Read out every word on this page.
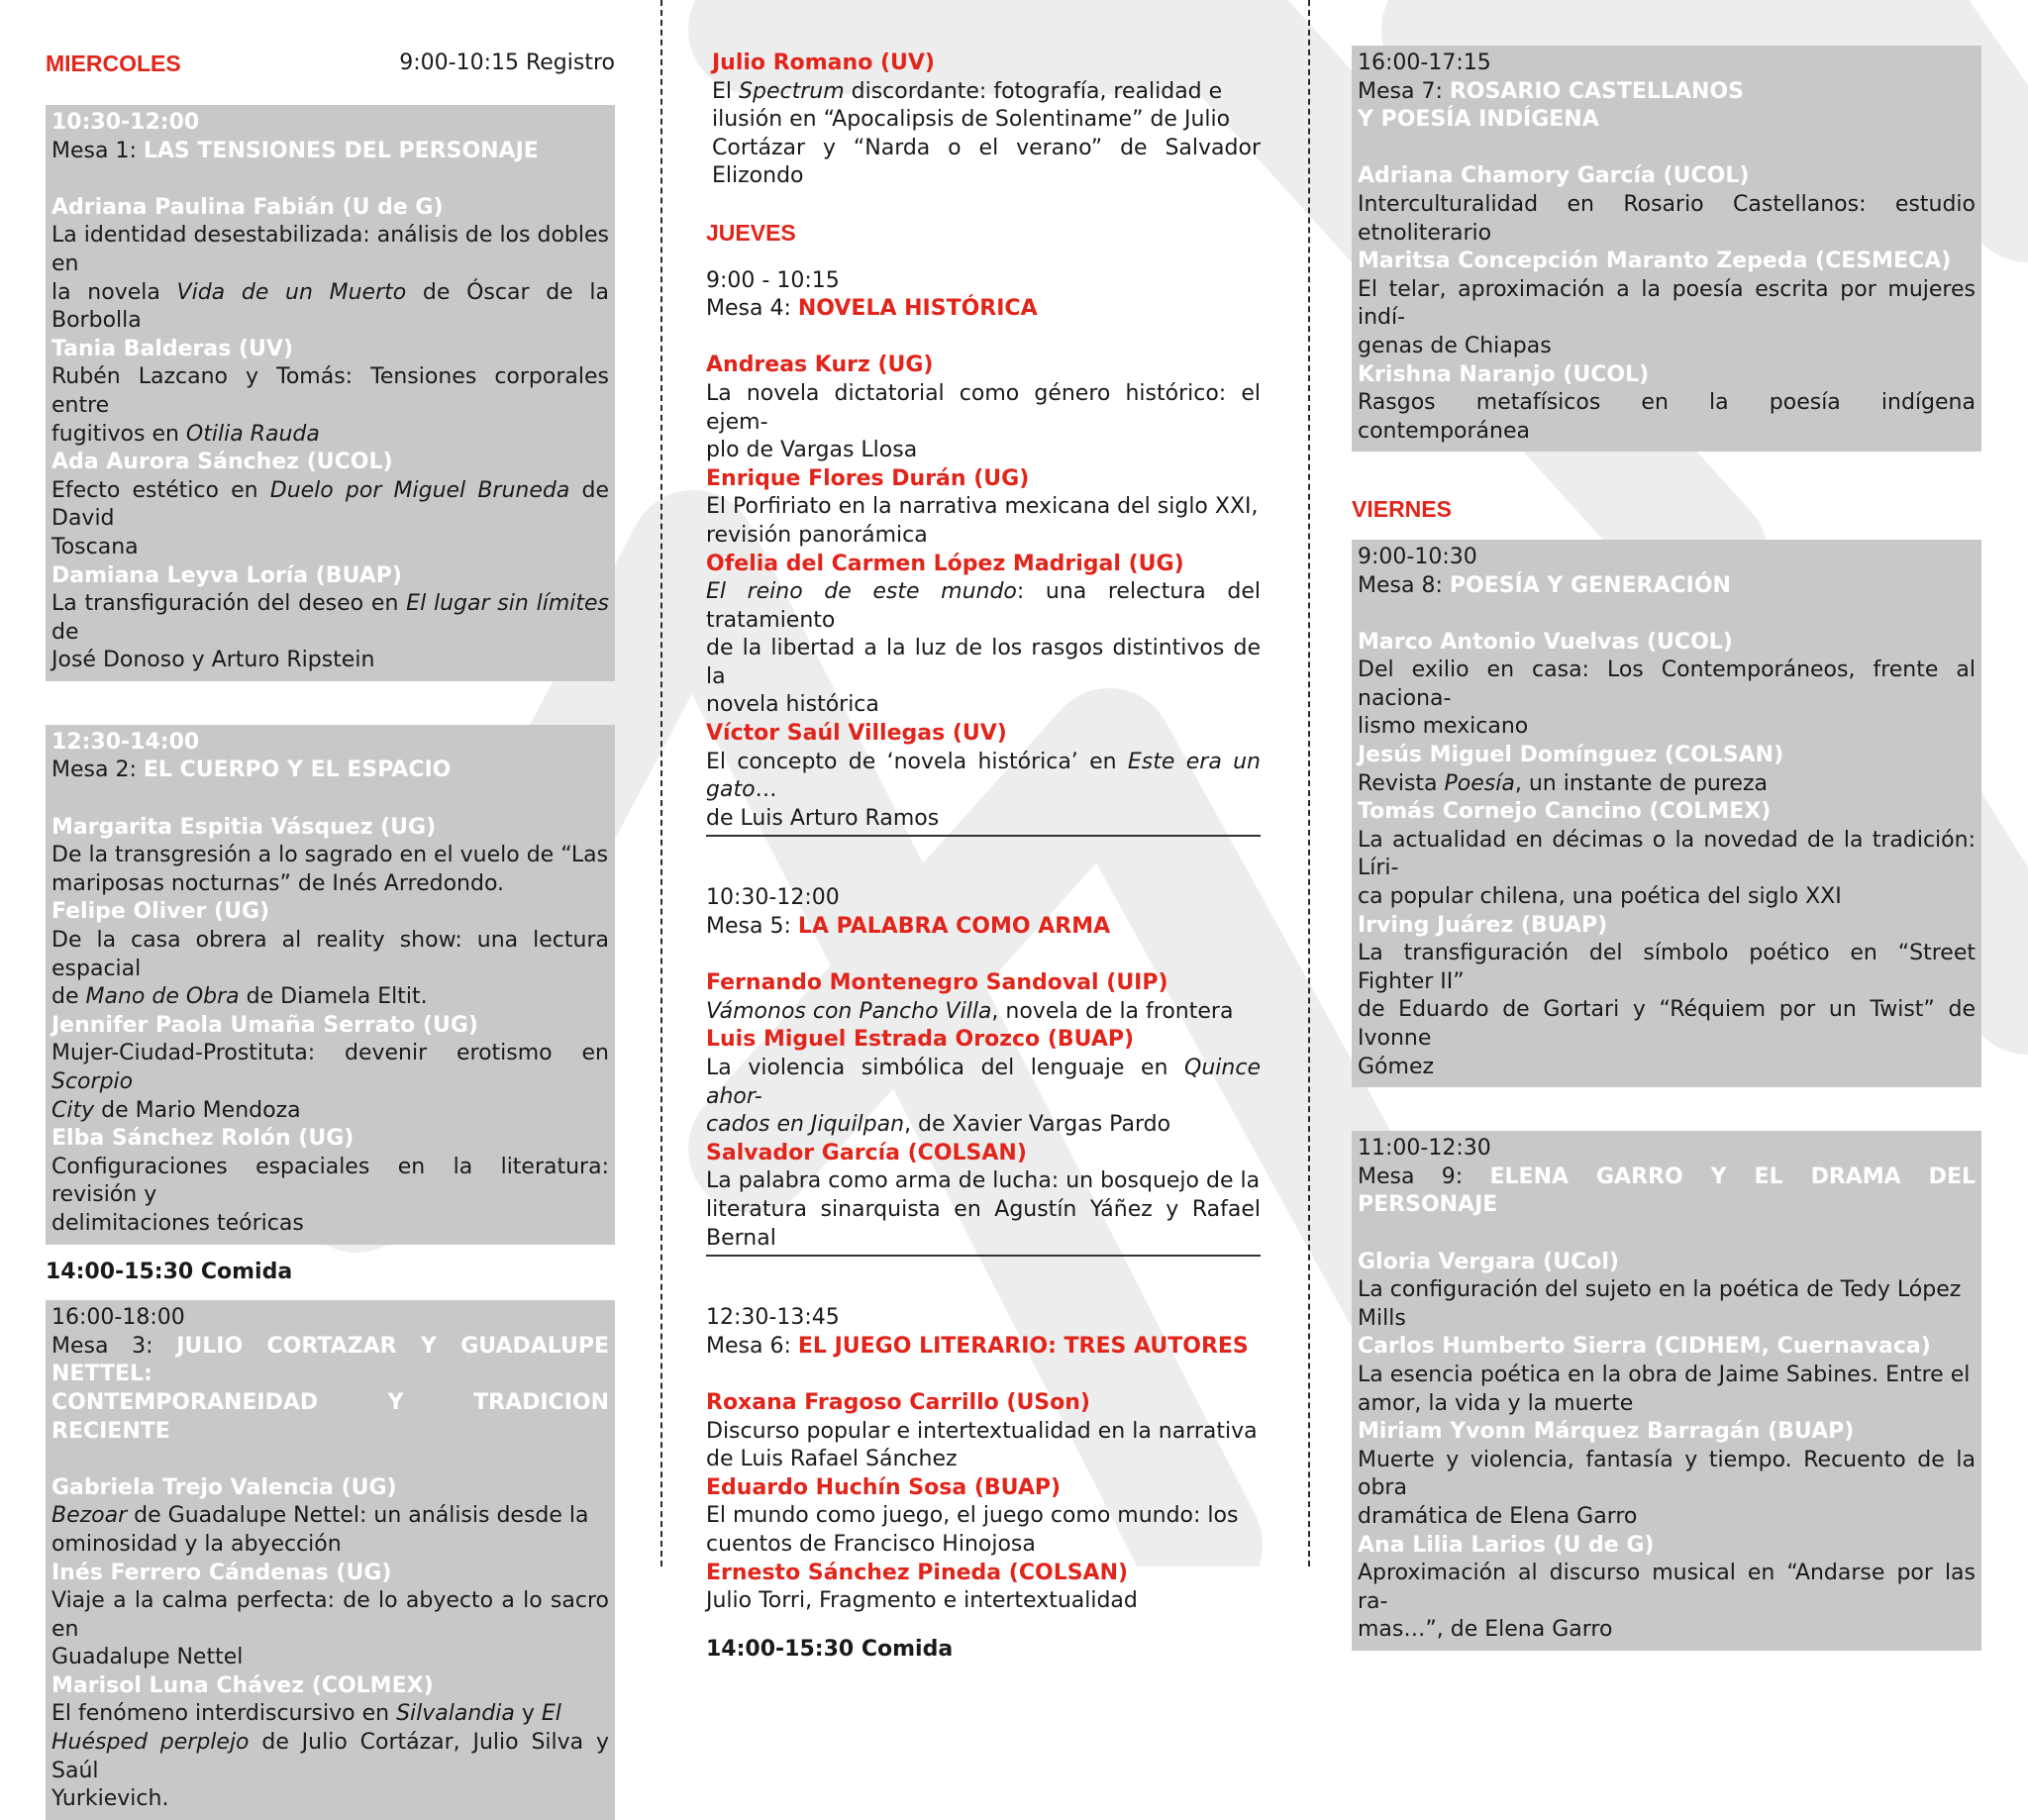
MIERCOLES	9:00-10:15 Registro
10:30-12:00

Mesa 1: LAS TENSIONES DEL PERSONAJE

Adriana Paulina Fabián (U de G)

La identidad desestabilizada: análisis de los dobles en
la novela Vida de un Muerto de Óscar de la Borbolla

Tania Balderas (UV)

Rubén Lazcano y Tomás: Tensiones corporales entre
fugitivos en Otilia Rauda

Ada Aurora Sánchez (UCOL)

Efecto estético en Duelo por Miguel Bruneda de David
Toscana

Damiana Leyva Loría (BUAP)

La transfiguración del deseo en El lugar sin límites de
José Donoso y Arturo Ripstein

12:30-14:00

Mesa 2: EL CUERPO Y EL ESPACIO

Margarita Espitia Vásquez (UG)

De la transgresión a lo sagrado en el vuelo de “Las
mariposas nocturnas” de Inés Arredondo.

Felipe Oliver (UG)

De la casa obrera al reality show: una lectura espacial
de Mano de Obra de Diamela Eltit.

Jennifer Paola Umaña Serrato (UG)

Mujer-Ciudad-Prostituta: devenir erotismo en Scorpio
City de Mario Mendoza

Elba Sánchez Rolón (UG)

Configuraciones espaciales en la literatura: revisión y
delimitaciones teóricas

14:00-15:30 Comida
16:00-18:00

Mesa 3: JULIO CORTAZAR Y GUADALUPE NETTEL:
CONTEMPORANEIDAD Y TRADICION RECIENTE

Gabriela Trejo Valencia (UG)

Bezoar de Guadalupe Nettel: un análisis desde la
ominosidad y la abyección

Inés Ferrero Cándenas (UG)

Viaje a la calma perfecta: de lo abyecto a lo sacro en
Guadalupe Nettel

Marisol Luna Chávez (COLMEX)

El fenómeno interdiscursivo en Silvalandia y El
Huésped perplejo de Julio Cortázar, Julio Silva y Saúl
Yurkievich.

Julio Romano (UV)

El Spectrum discordante: fotografía, realidad e
ilusión en “Apocalipsis de Solentiname” de Julio
Cortázar y “Narda o el verano” de Salvador Elizondo

JUEVES
9:00 - 10:15

Mesa 4: NOVELA HISTÓRICA

Andreas Kurz (UG)

La novela dictatorial como género histórico: el ejem-
plo de Vargas Llosa

Enrique Flores Durán (UG)

El Porfiriato en la narrativa mexicana del siglo XXI,
revisión panorámica

Ofelia del Carmen López Madrigal (UG)

El reino de este mundo: una relectura del tratamiento
de la libertad a la luz de los rasgos distintivos de la
novela histórica

Víctor Saúl Villegas (UV)

El concepto de ‘novela histórica’ en Este era un gato…
de Luis Arturo Ramos

10:30-12:00

Mesa 5: LA PALABRA COMO ARMA

Fernando Montenegro Sandoval (UIP)

Vámonos con Pancho Villa, novela de la frontera

Luis Miguel Estrada Orozco (BUAP)

La violencia simbólica del lenguaje en Quince ahor-
cados en Jiquilpan, de Xavier Vargas Pardo

Salvador García (COLSAN)

La palabra como arma de lucha: un bosquejo de la
literatura sinarquista en Agustín Yáñez y Rafael Bernal

12:30-13:45

Mesa 6: EL JUEGO LITERARIO: TRES AUTORES

Roxana Fragoso Carrillo (USon)

Discurso popular e intertextualidad en la narrativa
de Luis Rafael Sánchez

Eduardo Huchín Sosa (BUAP)

El mundo como juego, el juego como mundo: los
cuentos de Francisco Hinojosa

Ernesto Sánchez Pineda (COLSAN)

Julio Torri, Fragmento e intertextualidad

14:00-15:30 Comida
16:00-17:15

Mesa 7: ROSARIO CASTELLANOS
Y POESÍA INDÍGENA

Adriana Chamory García (UCOL)

Interculturalidad en Rosario Castellanos: estudio etnoliterario

Maritsa Concepción Maranto Zepeda (CESMECA)

El telar, aproximación a la poesía escrita por mujeres indí-
genas de Chiapas

Krishna Naranjo (UCOL)

Rasgos metafísicos en la poesía indígena contemporánea

VIERNES
9:00-10:30

Mesa 8: POESÍA Y GENERACIÓN

Marco Antonio Vuelvas (UCOL)

Del exilio en casa: Los Contemporáneos, frente al naciona-
lismo mexicano

Jesús Miguel Domínguez (COLSAN)

Revista Poesía, un instante de pureza

Tomás Cornejo Cancino (COLMEX)

La actualidad en décimas o la novedad de la tradición: Líri-
ca popular chilena, una poética del siglo XXI

Irving Juárez (BUAP)

La transfiguración del símbolo poético en “Street Fighter II”
de Eduardo de Gortari y “Réquiem por un Twist” de Ivonne
Gómez

11:00-12:30

Mesa 9: ELENA GARRO Y EL DRAMA DEL PERSONAJE

Gloria Vergara (UCol)

La configuración del sujeto en la poética de Tedy López
Mills

Carlos Humberto Sierra (CIDHEM, Cuernavaca)

La esencia poética en la obra de Jaime Sabines. Entre el
amor, la vida y la muerte

Miriam Yvonn Márquez Barragán (BUAP)

Muerte y violencia, fantasía y tiempo. Recuento de la obra
dramática de Elena Garro

Ana Lilia Larios (U de G)

Aproximación al discurso musical en “Andarse por las ra-
mas…”, de Elena Garro
